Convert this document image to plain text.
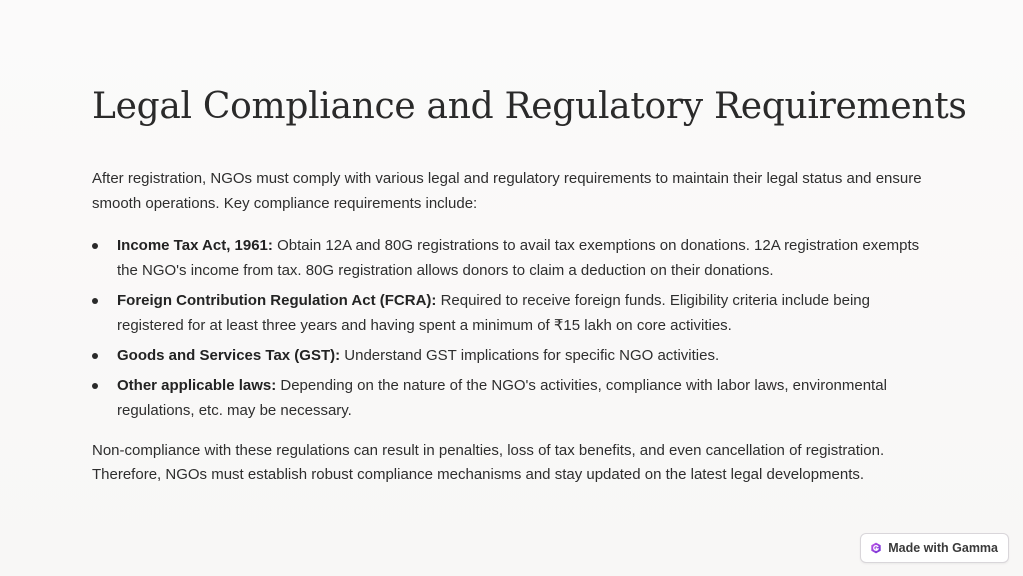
Legal Compliance and Regulatory Requirements

After registration, NGOs must comply with various legal and regulatory requirements to maintain their legal status and ensure smooth operations. Key compliance requirements include:

Income Tax Act, 1961: Obtain 12A and 80G registrations to avail tax exemptions on donations. 12A registration exempts the NGO's income from tax. 80G registration allows donors to claim a deduction on their donations.
Foreign Contribution Regulation Act (FCRA): Required to receive foreign funds. Eligibility criteria include being registered for at least three years and having spent a minimum of ₹15 lakh on core activities.
Goods and Services Tax (GST): Understand GST implications for specific NGO activities.
Other applicable laws: Depending on the nature of the NGO's activities, compliance with labor laws, environmental regulations, etc. may be necessary.

Non-compliance with these regulations can result in penalties, loss of tax benefits, and even cancellation of registration. Therefore, NGOs must establish robust compliance mechanisms and stay updated on the latest legal developments.

Made with Gamma
